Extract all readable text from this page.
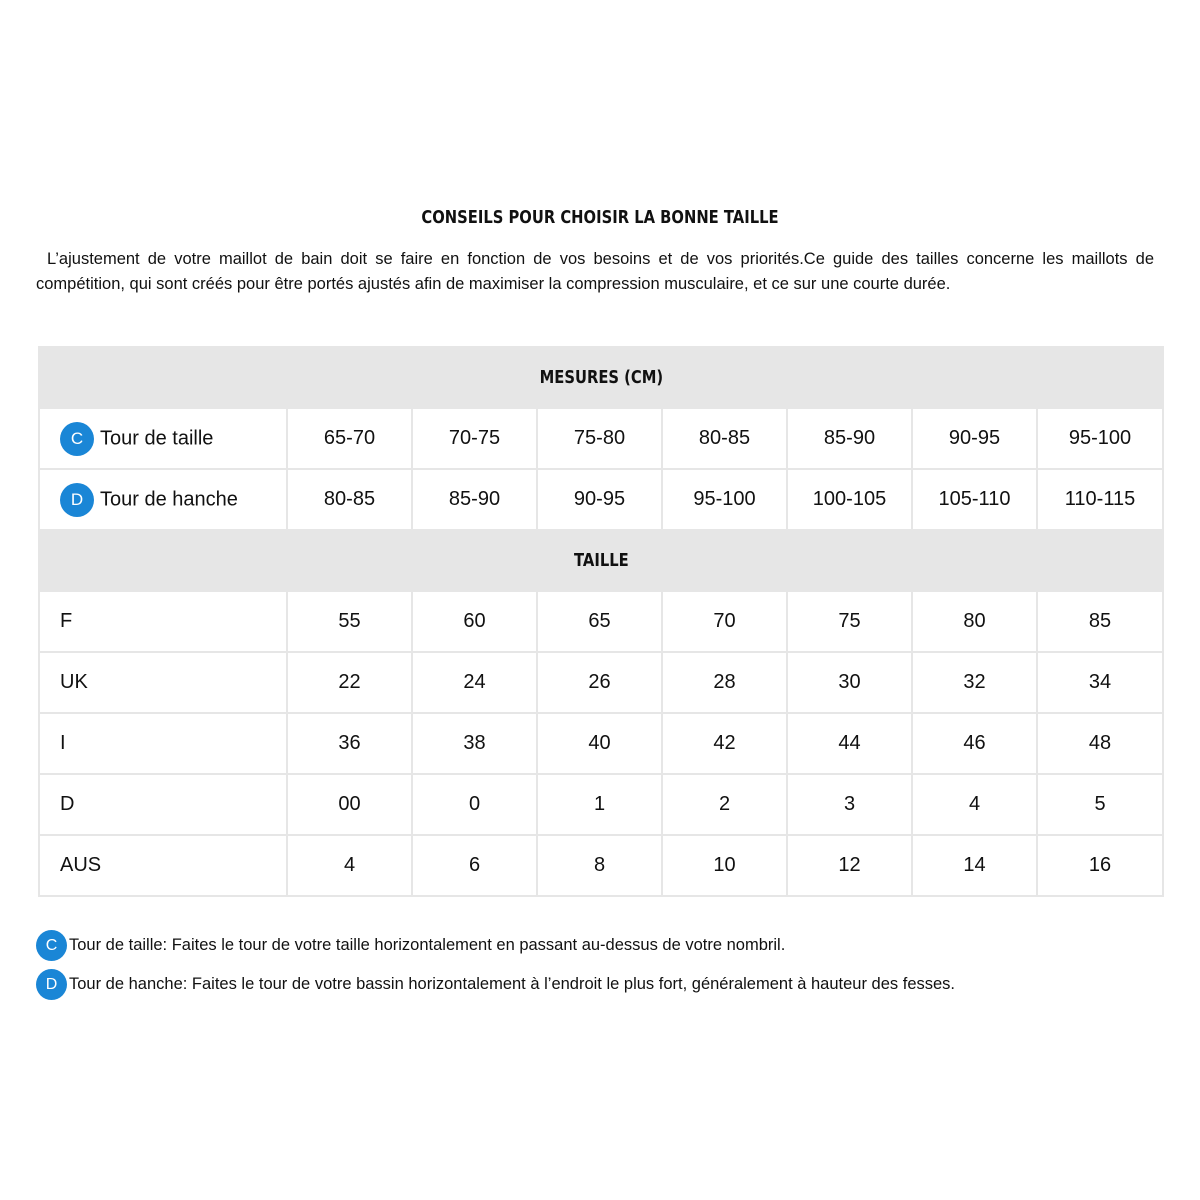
CONSEILS POUR CHOISIR LA BONNE TAILLE

L’ajustement de votre maillot de bain doit se faire en fonction de vos besoins et de vos priorités.Ce guide des tailles concerne les maillots de compétition, qui sont créés pour être portés ajustés afin de maximiser la compression musculaire, et ce sur une courte durée.

MESURES (CM)							
C Tour de taille	65-70	70-75	75-80	80-85	85-90	90-95	95-100
D Tour de hanche	80-85	85-90	90-95	95-100	100-105	105-110	110-115
TAILLE							
F	55	60	65	70	75	80	85
UK	22	24	26	28	30	32	34
I	36	38	40	42	44	46	48
D	00	0	1	2	3	4	5
AUS	4	6	8	10	12	14	16
C Tour de taille: Faites le tour de votre taille horizontalement en passant au-dessus de votre nombril.
D Tour de hanche: Faites le tour de votre bassin horizontalement à l’endroit le plus fort, généralement à hauteur des fesses.
